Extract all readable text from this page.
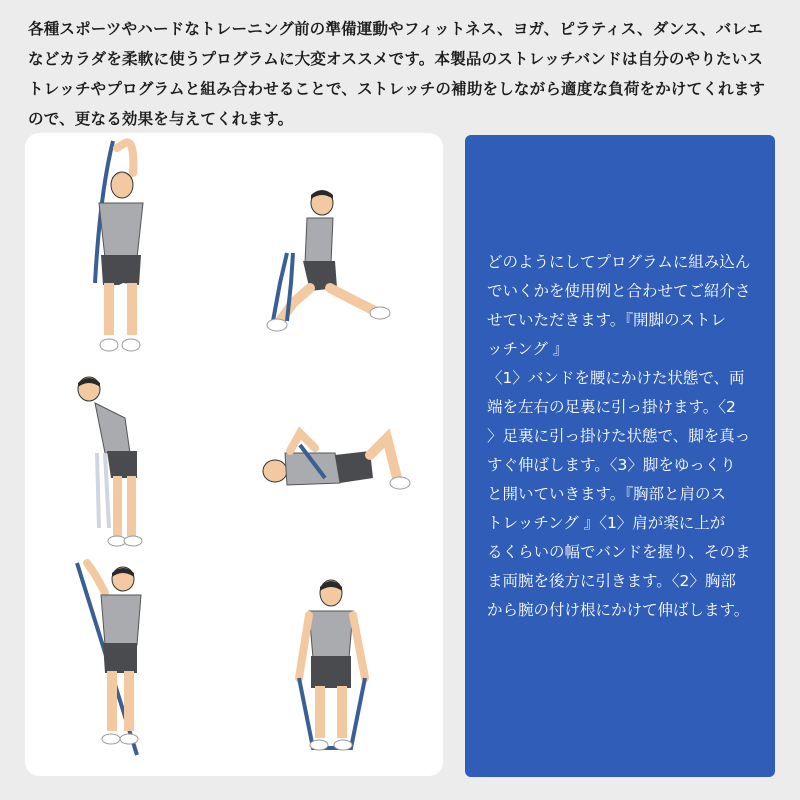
各種スポーツやハードなトレーニング前の準備運動やフィットネス、ヨガ、ピラティス、ダンス、バレエ
などカラダを柔軟に使うプログラムに大変オススメです。本製品のストレッチバンドは自分のやりたいス
トレッチやプログラムと組み合わせることで、ストレッチの補助をしながら適度な負荷をかけてくれます
ので、更なる効果を与えてくれます。
どのようにしてプログラムに組み込ん
でいくかを使用例と合わせてご紹介さ
せていただきます。『開脚のストレ
ッチング 』
〈1〉バンドを腰にかけた状態で、両
端を左右の足裏に引っ掛けます。〈2
〉足裏に引っ掛けた状態で、脚を真っ
すぐ伸ばします。〈3〉脚をゆっくり
と開いていきます。『胸部と肩のス
トレッチング 』〈1〉肩が楽に上が
るくらいの幅でバンドを握り、そのま
ま両腕を後方に引きます。〈2〉胸部
から腕の付け根にかけて伸ばします。
